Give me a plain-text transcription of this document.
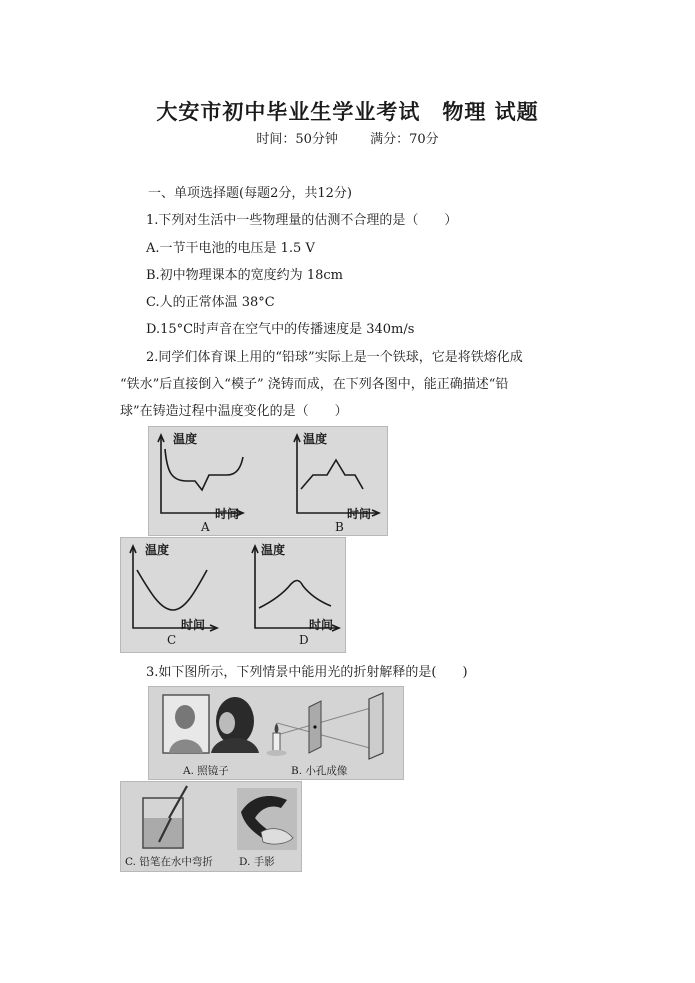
大安市初中毕业生学业考试　物理 试题
时间：50分钟 满分：70分
一、单项选择题(每题2分，共12分)
1.下列对生活中一些物理量的估测不合理的是（　　）
A.一节干电池的电压是 1.5 V
B.初中物理课本的宽度约为 18cm
C.人的正常体温 38°C
D.15°C时声音在空气中的传播速度是 340m/s
2.同学们体育课上用的“铅球”实际上是一个铁球，它是将铁熔化成
“铁水”后直接倒入“模子” 浇铸而成，在下列各图中，能正确描述“铅
球”在铸造过程中温度变化的是（　　）
温度
时间
A
温度
时间
B
温度
时间
C
温度
时间
D
3.如下图所示，下列情景中能用光的折射解释的是(　　)
A. 照镜子	B. 小孔成像
C. 铅笔在水中弯折 D. 手影
